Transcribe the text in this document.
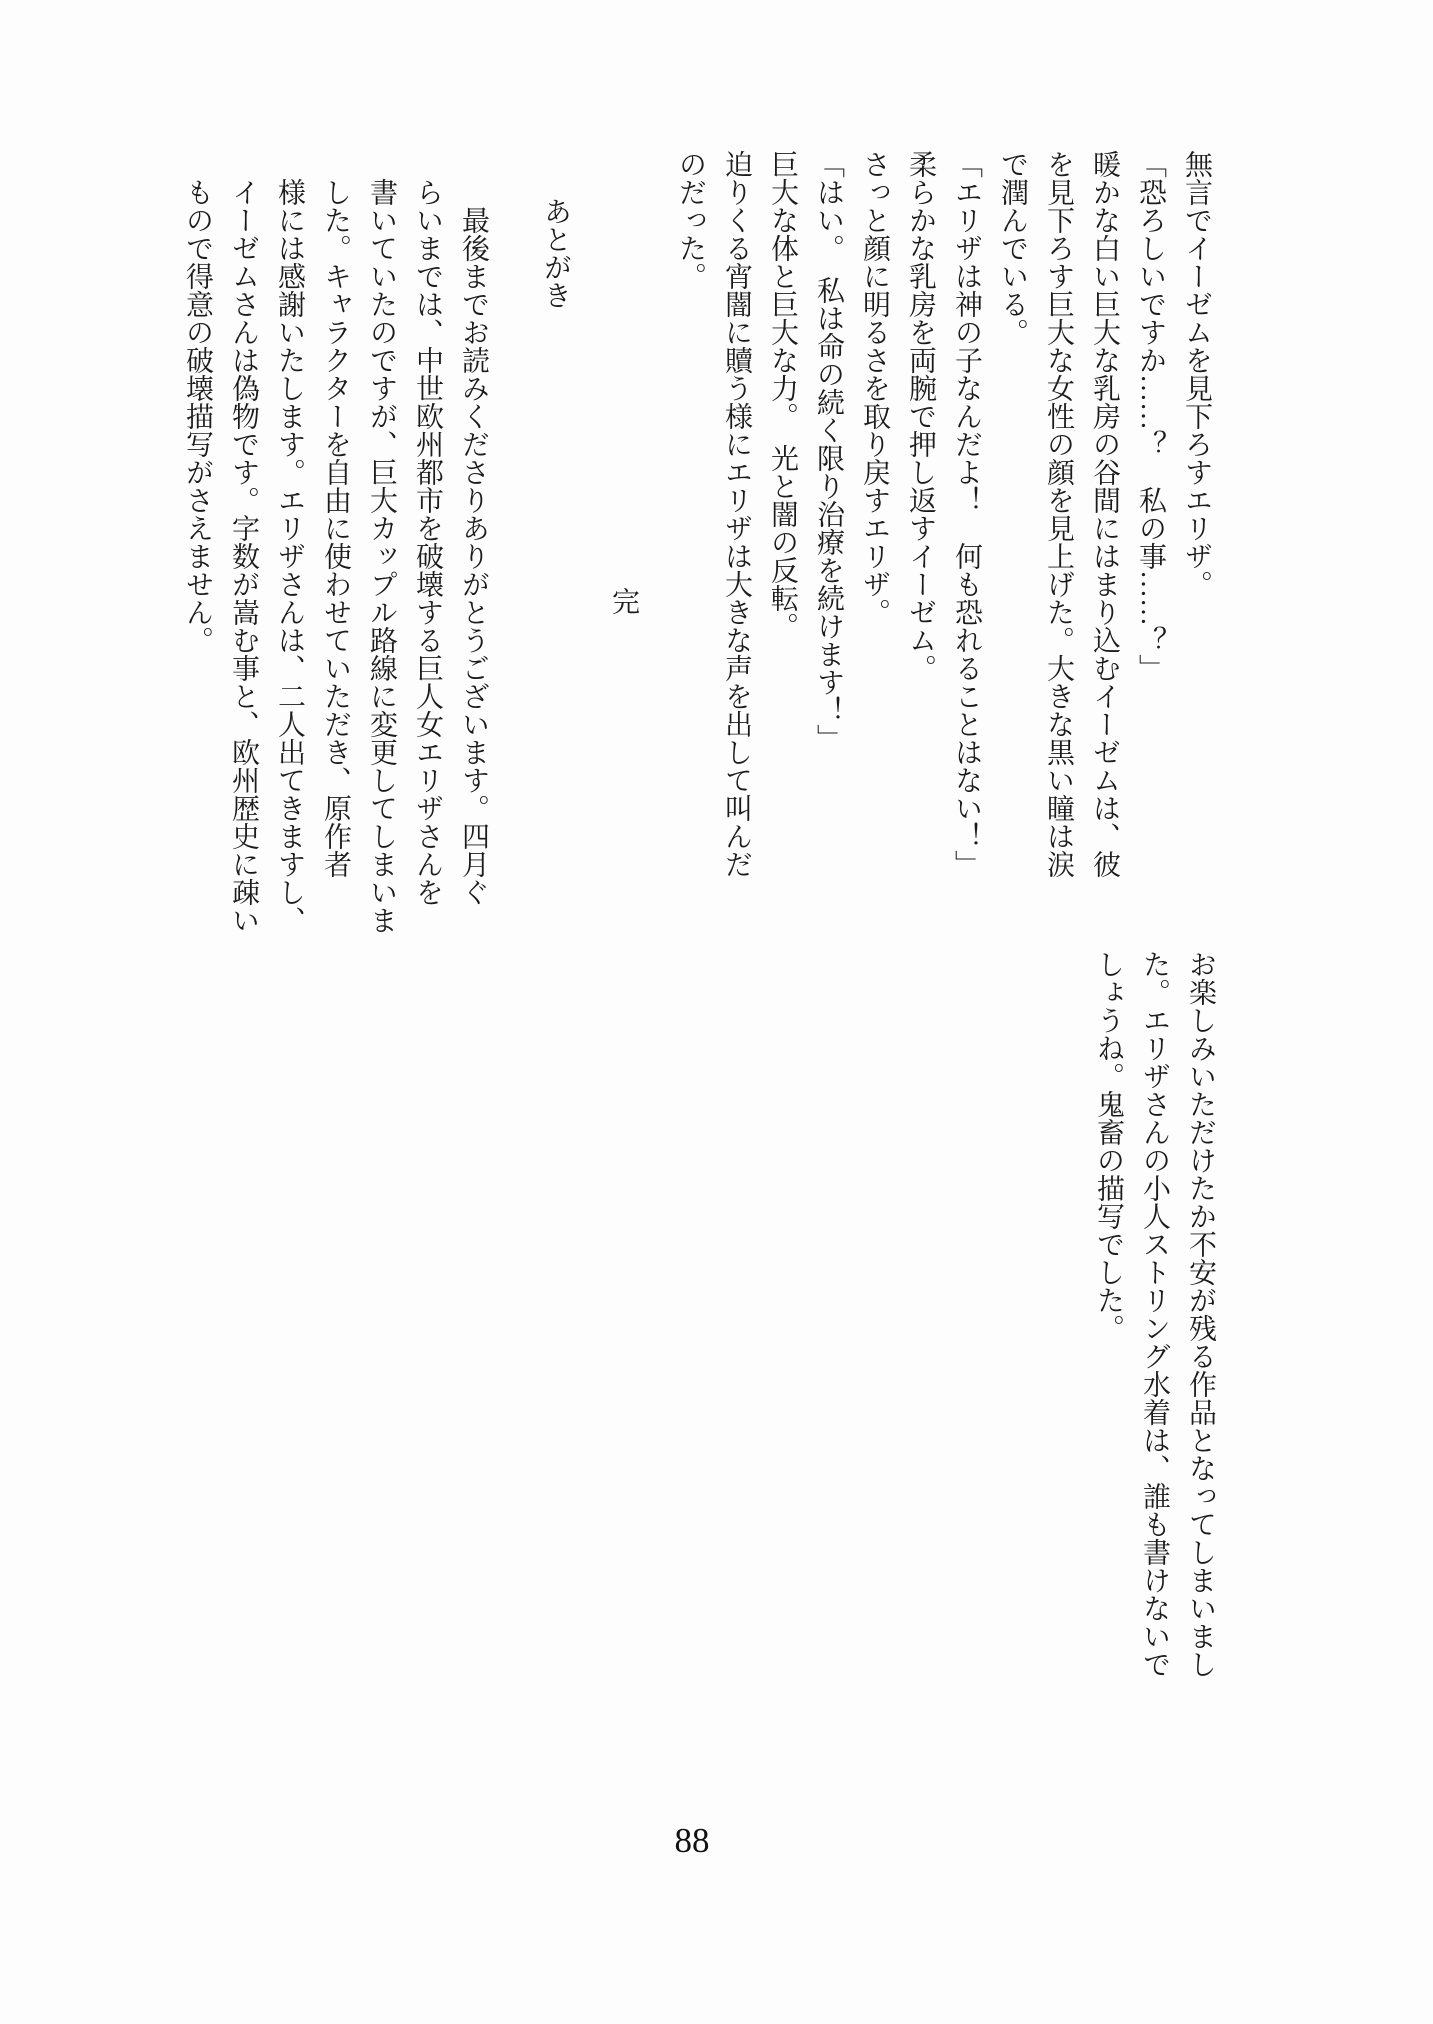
無言でイーゼムを見下ろすエリザ。

「恐ろしいですか……？　私の事……？」

暖かな白い巨大な乳房の谷間にはまり込むイーゼムは、彼

を見下ろす巨大な女性の顔を見上げた。大きな黒い瞳は涙

で潤んでいる。

「エリザは神の子なんだよ！　何も恐れることはない！」

柔らかな乳房を両腕で押し返すイーゼム。

さっと顔に明るさを取り戻すエリザ。

「はい。　私は命の続く限り治療を続けます！」

巨大な体と巨大な力。　光と闇の反転。

迫りくる宵闇に贖う様にエリザは大きな声を出して叫んだ

のだった。

完
あとがき

　最後までお読みくださりありがとうございます。四月ぐ

らいまでは、中世欧州都市を破壊する巨人女エリザさんを

書いていたのですが、巨大カップル路線に変更してしまいま

した。キャラクターを自由に使わせていただき、原作者

様には感謝いたします。エリザさんは、二人出てきますし、

イーゼムさんは偽物です。字数が嵩む事と、欧州歴史に疎い

もので得意の破壊描写がさえません。

お楽しみいただけたか不安が残る作品となってしまいまし

た。エリザさんの小人ストリング水着は、誰も書けないで

しょうね。鬼畜の描写でした。

88
